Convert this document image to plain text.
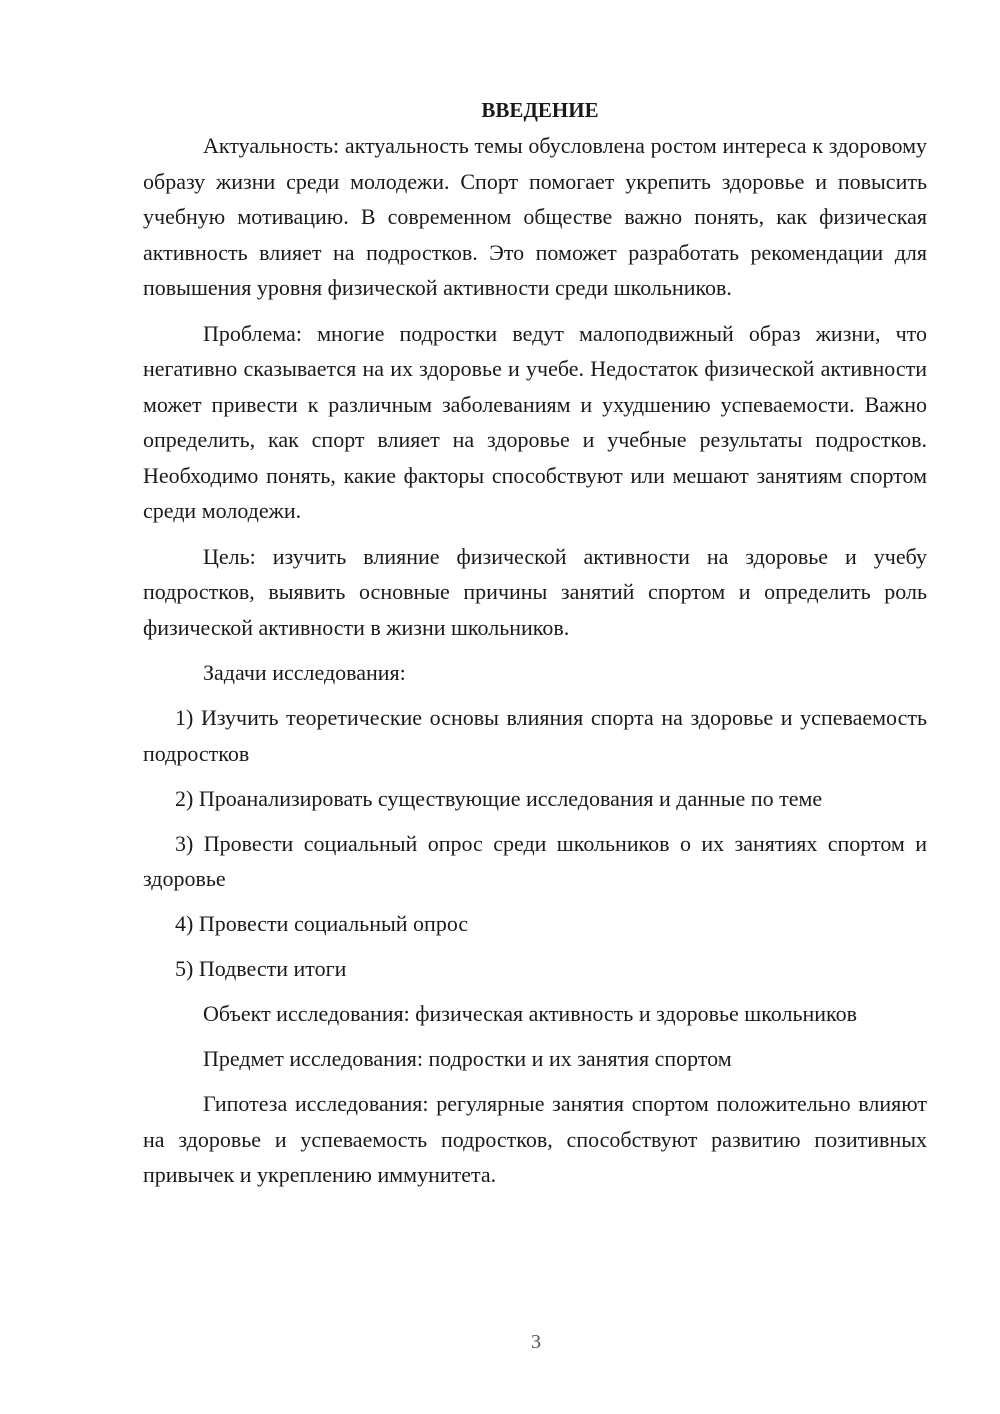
ВВЕДЕНИЕ

Актуальность: актуальность темы обусловлена ростом интереса к здоровому образу жизни среди молодежи. Спорт помогает укрепить здоровье и повысить учебную мотивацию. В современном обществе важно понять, как физическая активность влияет на подростков. Это поможет разработать рекомендации для повышения уровня физической активности среди школьников.

Проблема: многие подростки ведут малоподвижный образ жизни, что негативно сказывается на их здоровье и учебе. Недостаток физической активности может привести к различным заболеваниям и ухудшению успеваемости. Важно определить, как спорт влияет на здоровье и учебные результаты подростков. Необходимо понять, какие факторы способствуют или мешают занятиям спортом среди молодежи.

Цель: изучить влияние физической активности на здоровье и учебу подростков, выявить основные причины занятий спортом и определить роль физической активности в жизни школьников.

Задачи исследования:

1) Изучить теоретические основы влияния спорта на здоровье и успеваемость подростков

2) Проанализировать существующие исследования и данные по теме

3) Провести социальный опрос среди школьников о их занятиях спортом и здоровье

4) Провести социальный опрос

5) Подвести итоги

Объект исследования: физическая активность и здоровье школьников

Предмет исследования: подростки и их занятия спортом

Гипотеза исследования: регулярные занятия спортом положительно влияют на здоровье и успеваемость подростков, способствуют развитию позитивных привычек и укреплению иммунитета.

3
